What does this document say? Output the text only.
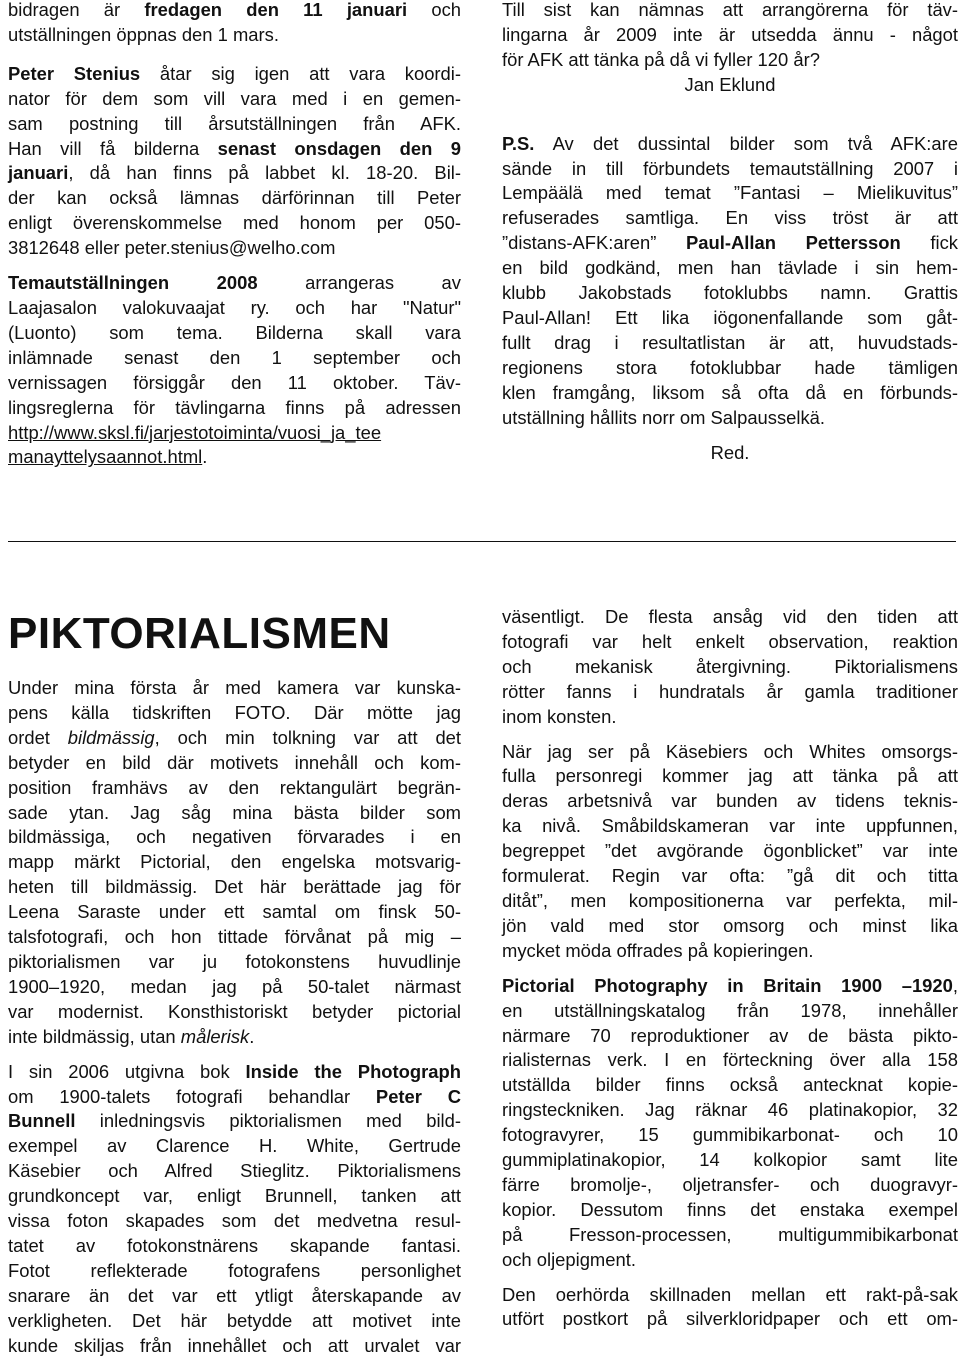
bidragen är fredagen den 11 januari och
utställningen öppnas den 1 mars.

Peter Stenius åtar sig igen att vara koordi-
nator för dem som vill vara med i en gemen-
sam postning till årsutställningen från AFK.
Han vill få bilderna senast onsdagen den 9
januari, då han finns på labbet kl. 18-20. Bil-
der kan också lämnas därförinnan till Peter
enligt överenskommelse med honom per 050-
3812648 eller peter.stenius@welho.com

Temautställningen 2008 arrangeras av
Laajasalon valokuvaajat ry. och har "Natur"
(Luonto) som tema. Bilderna skall vara
inlämnade senast den 1 september och
vernissagen försiggår den 11 oktober. Täv-
lingsreglerna för tävlingarna finns på adressen
http://www.sksl.fi/jarjestotoiminta/vuosi_ja_tee
manayttelysaannot.html.

Till sist kan nämnas att arrangörerna för täv-
lingarna år 2009 inte är utsedda ännu - något
för AFK att tänka på då vi fyller 120 år?

Jan Eklund

P.S. Av det dussintal bilder som två AFK:are
sände in till förbundets temautställning 2007 i
Lempäälä med temat ”Fantasi – Mielikuvitus”
refuserades samtliga. En viss tröst är att
”distans-AFK:aren” Paul-Allan Pettersson fick
en bild godkänd, men han tävlade i sin hem-
klubb Jakobstads fotoklubbs namn. Grattis
Paul-Allan! Ett lika iögonenfallande som gåt-
fullt drag i resultatlistan är att, huvudstads-
regionens stora fotoklubbar hade tämligen
klen framgång, liksom så ofta då en förbunds-
utställning hållits norr om Salpausselkä.

Red.

PIKTORIALISMEN

Under mina första år med kamera var kunska-
pens källa tidskriften FOTO. Där mötte jag
ordet bildmässig, och min tolkning var att det
betyder en bild där motivets innehåll och kom-
position framhävs av den rektangulärt begrän-
sade ytan. Jag såg mina bästa bilder som
bildmässiga, och negativen förvarades i en
mapp märkt Pictorial, den engelska motsvarig-
heten till bildmässig. Det här berättade jag för
Leena Saraste under ett samtal om finsk 50-
talsfotografi, och hon tittade förvånat på mig –
piktorialismen var ju fotokonstens huvudlinje
1900–1920, medan jag på 50-talet närmast
var modernist. Konsthistoriskt betyder pictorial
inte bildmässig, utan målerisk.

I sin 2006 utgivna bok Inside the Photograph
om 1900-talets fotografi behandlar Peter C
Bunnell inledningsvis piktorialismen med bild-
exempel av Clarence H. White, Gertrude
Käsebier och Alfred Stieglitz. Piktorialismens
grundkoncept var, enligt Brunnell, tanken att
vissa foton skapades som det medvetna resul-
tatet av fotokonstnärens skapande fantasi.
Fotot reflekterade fotografens personlighet
snarare än det var ett ytligt återskapande av
verkligheten. Det här betydde att motivet inte
kunde skiljas från innehållet och att urvalet var

väsentligt. De flesta ansåg vid den tiden att
fotografi var helt enkelt observation, reaktion
och mekanisk återgivning. Piktorialismens
rötter fanns i hundratals år gamla traditioner
inom konsten.

När jag ser på Käsebiers och Whites omsorgs-
fulla personregi kommer jag att tänka på att
deras arbetsnivå var bunden av tidens teknis-
ka nivå. Småbildskameran var inte uppfunnen,
begreppet ”det avgörande ögonblicket” var inte
formulerat. Regin var ofta: ”gå dit och titta
ditåt”, men kompositionerna var perfekta, mil-
jön vald med stor omsorg och minst lika
mycket möda offrades på kopieringen.

Pictorial Photography in Britain 1900 –1920,
en utställningskatalog från 1978, innehåller
närmare 70 reproduktioner av de bästa pikto-
rialisternas verk. I en förteckning över alla 158
utställda bilder finns också antecknat kopie-
ringsteckniken. Jag räknar 46 platinakopior, 32
fotogravyrer, 15 gummibikarbonat- och 10
gummiplatinakopior, 14 kolkopior samt lite
färre bromolje-, oljetransfer- och duogravyr-
kopior. Dessutom finns det enstaka exempel
på Fresson-processen, multigummibikarbonat
och oljepigment.

Den oerhörda skillnaden mellan ett rakt-på-sak
utfört postkort på silverkloridpaper och ett om-
